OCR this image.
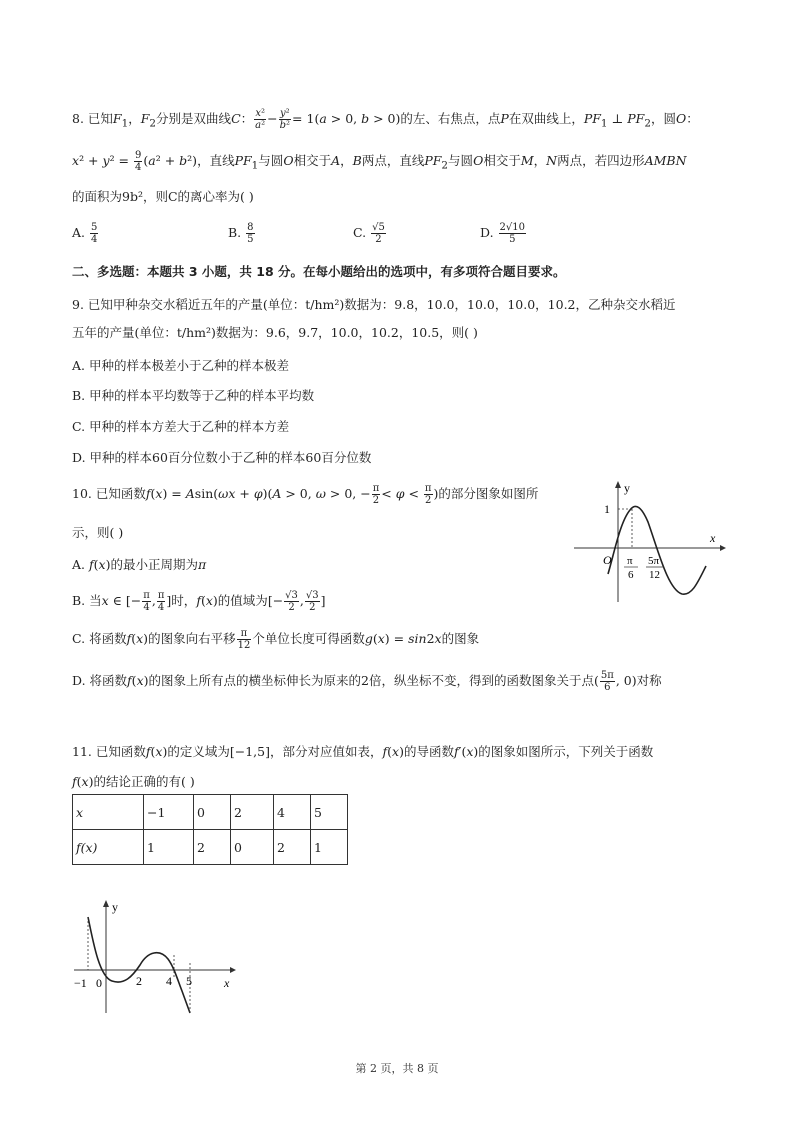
8. 已知$F_1$，$F_2$分别是双曲线C： $\frac{\text{x²}}{\text{a²}} - \frac{\text{y²}}{\text{b²}} = 1(a > 0$, b > 0)的左、右焦点，点P在双曲线上，$PF_1$ ⊥ $PF_2$，圆O：
$x^2 + y^2 = \frac{9}{4} (a^2 + b^2)$，直线$PF_1$与圆O相交于A，B两点，直线$PF_2$与圆O相交于M，N两点，若四边形AMBN
的面积为9b²，则C的离心率为( )
A. $\frac{5}{4}$	B. $\frac{8}{5}$	C. $\frac{√5}{2}$	D. $\frac{2√10}{5}$
二、多选题：本题共 3 小题，共 18 分。在每小题给出的选项中，有多项符合题目要求。
9. 已知甲种杂交水稻近五年的产量(单位：t/hm²)数据为：9.8，10.0，10.0，10.0，10.2，乙种杂交水稻近
五年的产量(单位：t/hm²)数据为：9.6，9.7，10.0，10.2，10.5，则( )
A. 甲种的样本极差小于乙种的样本极差
B. 甲种的样本平均数等于乙种的样本平均数
C. 甲种的样本方差大于乙种的样本方差
D. 甲种的样本60百分位数小于乙种的样本60百分位数
10. 已知函数f(x) = Asin(ωx + φ)(A > 0, ω > 0, − $\frac{\pi}{2} < \varphi < \frac{\pi}{2}$ )的部分图象如图所
示，则( )
A. f(x)的最小正周期为π
B. 当x ∈ [− $\frac{\pi}{4}$ , $\frac{\pi}{4}$ ]时，f(x)的值域为[− $\frac{√3}{2}$ , $\frac{√3}{2}$ ]
C. 将函数f(x)的图象向右平移 $\frac{\pi}{12}$ 个单位长度可得函数g(x) = sin2x的图象
D. 将函数f(x)的图象上所有点的横坐标伸长为原来的2倍，纵坐标不变，得到的函数图象关于点( $\frac{5\pi}{6}$ , 0)对称
y
x
O
1
π
6
5π
12
11. 已知函数f(x)的定义域为[−1,5]，部分对应值如表，f(x)的导函数f′(x)的图象如图所示，下列关于函数
f(x)的结论正确的有( )
x	−1	0	2	4	5
f(x)	1	2	0	2	1
y
x
−1 0	2 4 5
第 2 页，共 8 页
